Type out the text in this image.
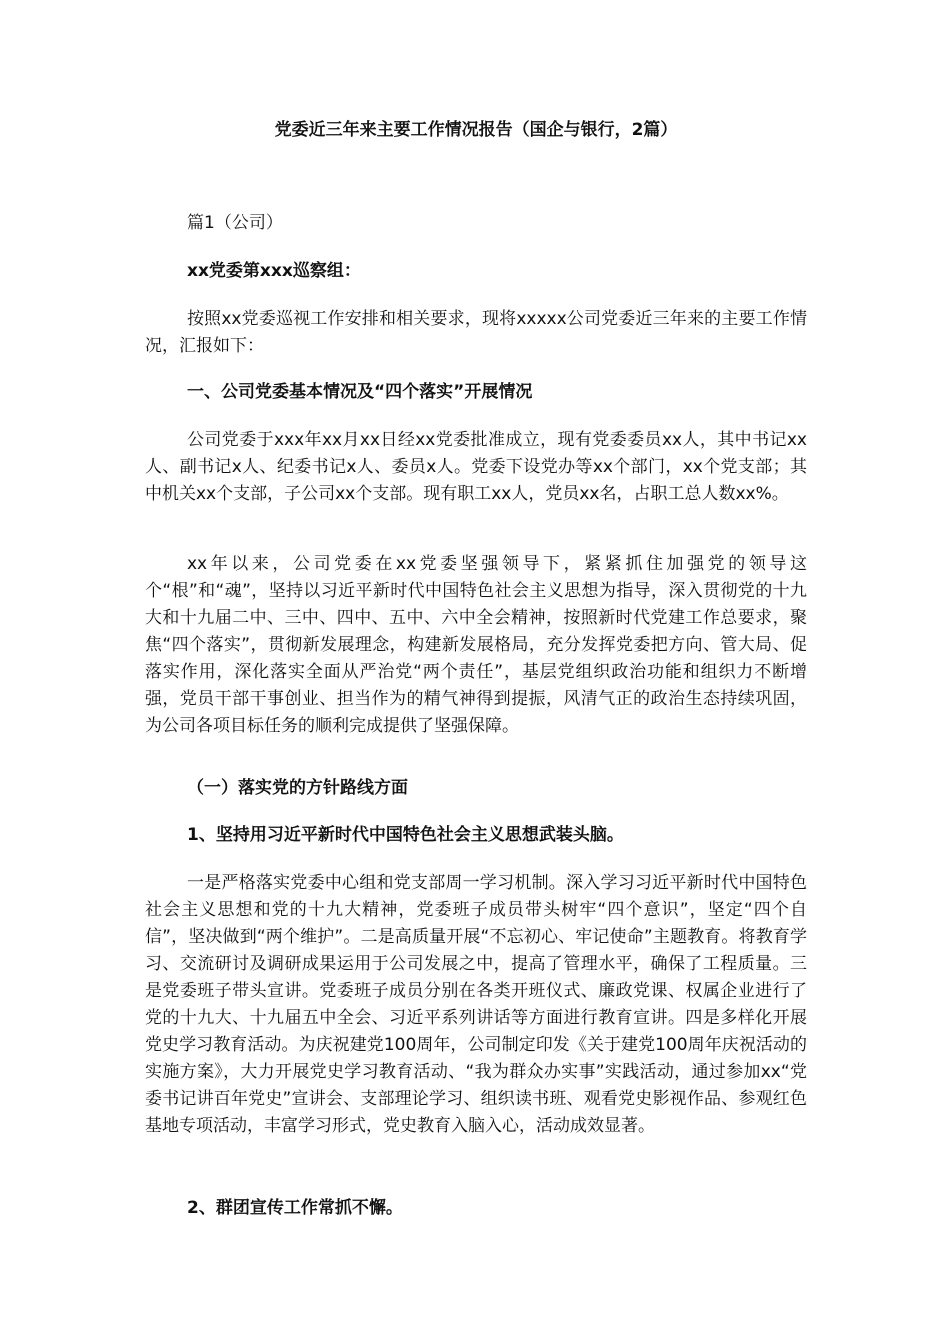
党委近三年来主要工作情况报告（国企与银行，2篇）

篇1（公司）

xx党委第xxx巡察组：

按照xx党委巡视工作安排和相关要求，现将xxxxx公司党委近三年来的主要工作情况，汇报如下：

一、公司党委基本情况及“四个落实”开展情况

公司党委于xxx年xx月xx日经xx党委批准成立，现有党委委员xx人，其中书记xx人、副书记x人、纪委书记x人、委员x人。党委下设党办等xx个部门，xx个党支部；其中机关xx个支部，子公司xx个支部。现有职工xx人，党员xx名，占职工总人数xx%。

xx年以来，公司党委在xx党委坚强领导下，紧紧抓住加强党的领导这个“根”和“魂”，坚持以习近平新时代中国特色社会主义思想为指导，深入贯彻党的十九大和十九届二中、三中、四中、五中、六中全会精神，按照新时代党建工作总要求，聚焦“四个落实”，贯彻新发展理念，构建新发展格局，充分发挥党委把方向、管大局、促落实作用，深化落实全面从严治党“两个责任”，基层党组织政治功能和组织力不断增强，党员干部干事创业、担当作为的精气神得到提振，风清气正的政治生态持续巩固，为公司各项目标任务的顺利完成提供了坚强保障。

（一）落实党的方针路线方面

1、坚持用习近平新时代中国特色社会主义思想武装头脑。

一是严格落实党委中心组和党支部周一学习机制。深入学习习近平新时代中国特色社会主义思想和党的十九大精神，党委班子成员带头树牢“四个意识”，坚定“四个自信”，坚决做到“两个维护”。二是高质量开展“不忘初心、牢记使命”主题教育。将教育学习、交流研讨及调研成果运用于公司发展之中，提高了管理水平，确保了工程质量。三是党委班子带头宣讲。党委班子成员分别在各类开班仪式、廉政党课、权属企业进行了党的十九大、十九届五中全会、习近平系列讲话等方面进行教育宣讲。四是多样化开展党史学习教育活动。为庆祝建党100周年，公司制定印发《关于建党100周年庆祝活动的实施方案》，大力开展党史学习教育活动、“我为群众办实事”实践活动，通过参加xx“党委书记讲百年党史”宣讲会、支部理论学习、组织读书班、观看党史影视作品、参观红色基地专项活动，丰富学习形式，党史教育入脑入心，活动成效显著。

2、群团宣传工作常抓不懈。
